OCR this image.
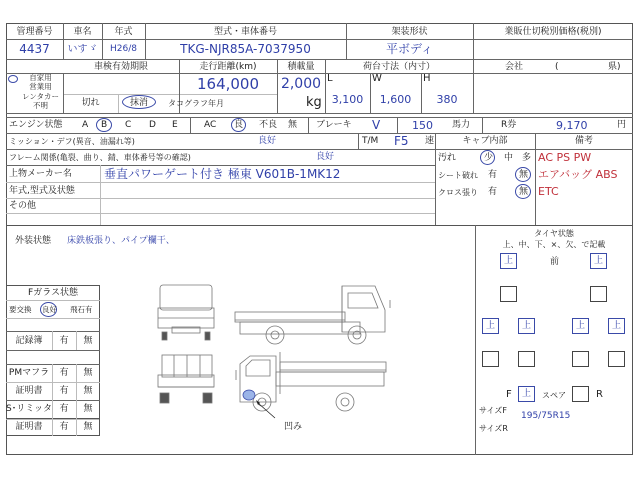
管理番号	車名	年式	型式・車体番号	架装形状	業販仕切税別価格(税別)
4437	いすゞ	H26/8	TKG-NJR85A-7037950	平ボディ
車検有効期限	走行距離(km)	積載量	荷台寸法（内寸）	会社	(	県)
自家用
営業用
レンタカー
不明	切れ	抹消	タコグラフ年月
164,000	2,000
kg
L	W	H
3,100	1,600	380
エンジン状態 A B C D E	AC 良 不良 無 ブレーキ V	150 馬力	R券	9,170	円
ミッション・デフ(異音、油漏れ等)	良好	T/M F5 速	キャブ内部	備考
フレーム関係(亀裂、曲り、錆、車体番号等の確認)	良好	汚れ	少 中 多
シート破れ 有 無
クロス張り 有 無
AC PS PW
エアバッグ ABS
ETC
上物メーカー名	垂直パワーゲート付き 極東 V601B-1MK12
年式,型式及状態
その他
外装状態 床鉄板張り、パイプ欄干、
Fガラス状態
要交換 良好 飛石有
記録簿	有	無
PMマフラ	有	無
証明書	有	無
S･リミッタ 有	無
証明書	有	無	凹み
タイヤ状態
上、中、下、×、欠、で記載
前
上	上
上	上	上	上
F	上	スペア	R
サイズF
195/75R15
サイズR
